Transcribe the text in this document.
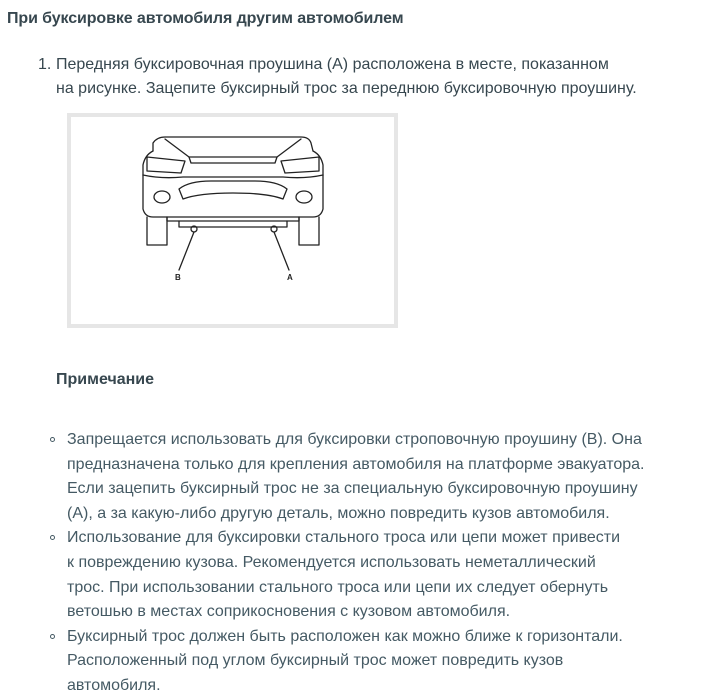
При буксировке автомобиля другим автомобилем
1. Передняя буксировочная проушина (А) расположена в месте, показанном
на рисунке. Зацепите буксирный трос за переднюю буксировочную проушину.
B	A
Примечание
Запрещается использовать для буксировки строповочную проушину (В). Она
предназначена только для крепления автомобиля на платформе эвакуатора.
Если зацепить буксирный трос не за специальную буксировочную проушину
(А), а за какую-либо другую деталь, можно повредить кузов автомобиля.
Использование для буксировки стального троса или цепи может привести
к повреждению кузова. Рекомендуется использовать неметаллический
трос. При использовании стального троса или цепи их следует обернуть
ветошью в местах соприкосновения с кузовом автомобиля.
Буксирный трос должен быть расположен как можно ближе к горизонтали.
Расположенный под углом буксирный трос может повредить кузов
автомобиля.
